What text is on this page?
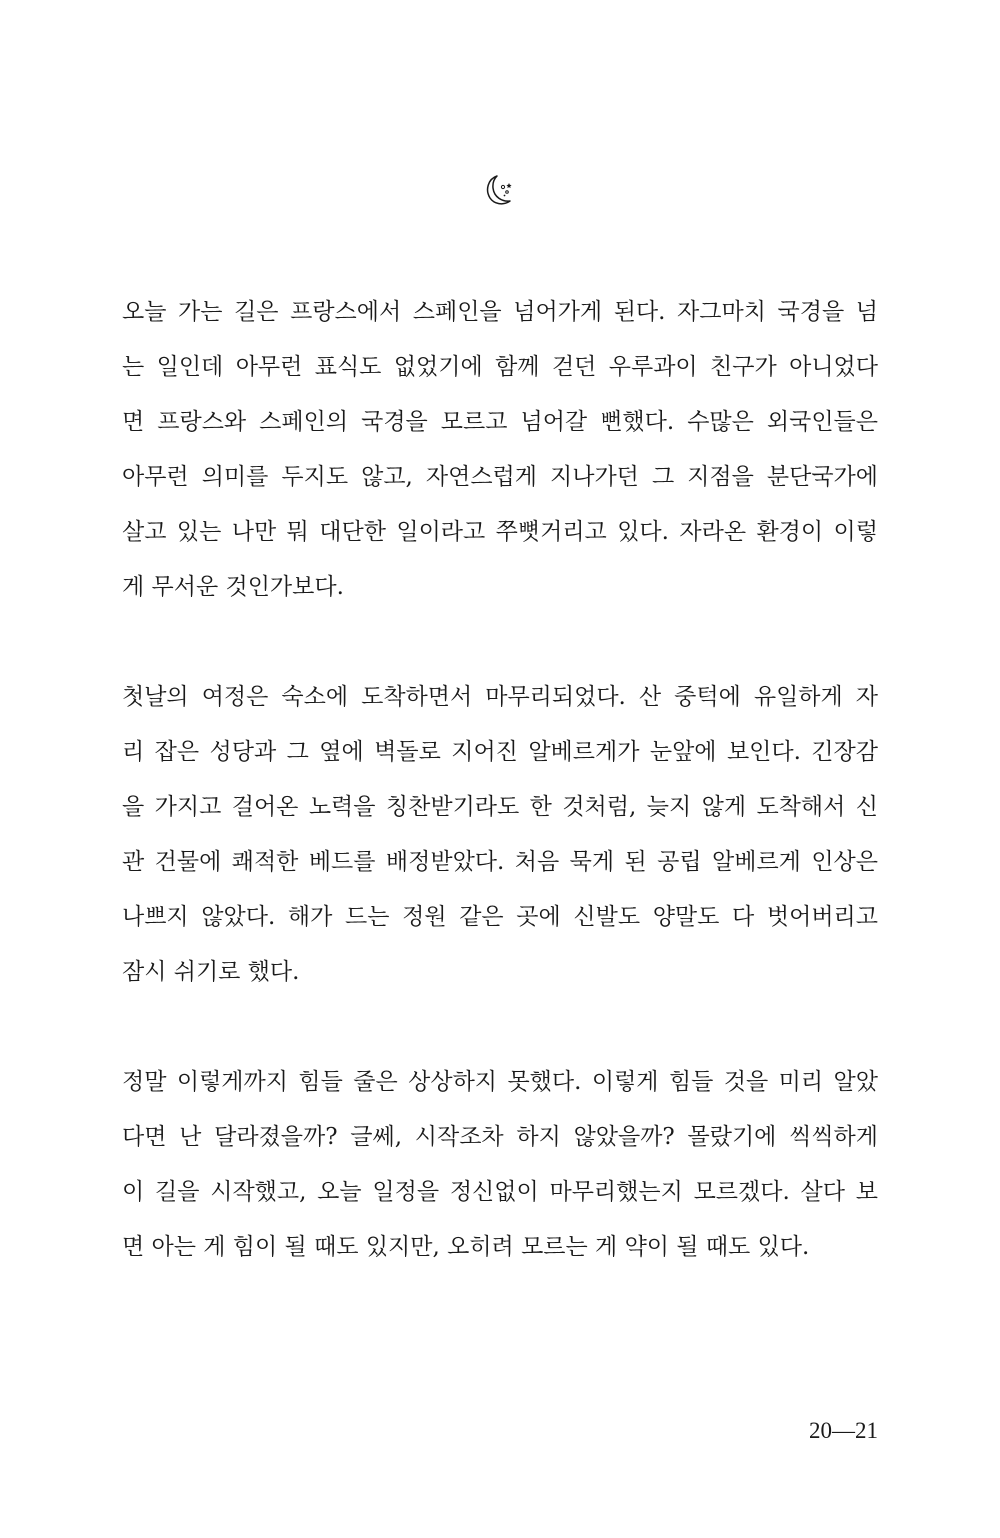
오늘 가는 길은 프랑스에서 스페인을 넘어가게 된다. 자그마치 국경을 넘
는 일인데 아무런 표식도 없었기에 함께 걷던 우루과이 친구가 아니었다
면 프랑스와 스페인의 국경을 모르고 넘어갈 뻔했다. 수많은 외국인들은
아무런 의미를 두지도 않고, 자연스럽게 지나가던 그 지점을 분단국가에
살고 있는 나만 뭐 대단한 일이라고 쭈뼛거리고 있다. 자라온 환경이 이렇
게 무서운 것인가보다.

첫날의 여정은 숙소에 도착하면서 마무리되었다. 산 중턱에 유일하게 자
리 잡은 성당과 그 옆에 벽돌로 지어진 알베르게가 눈앞에 보인다. 긴장감
을 가지고 걸어온 노력을 칭찬받기라도 한 것처럼, 늦지 않게 도착해서 신
관 건물에 쾌적한 베드를 배정받았다. 처음 묵게 된 공립 알베르게 인상은
나쁘지 않았다. 해가 드는 정원 같은 곳에 신발도 양말도 다 벗어버리고
잠시 쉬기로 했다.

정말 이렇게까지 힘들 줄은 상상하지 못했다. 이렇게 힘들 것을 미리 알았
다면 난 달라졌을까? 글쎄, 시작조차 하지 않았을까? 몰랐기에 씩씩하게
이 길을 시작했고, 오늘 일정을 정신없이 마무리했는지 모르겠다. 살다 보
면 아는 게 힘이 될 때도 있지만, 오히려 모르는 게 약이 될 때도 있다.

20—21
